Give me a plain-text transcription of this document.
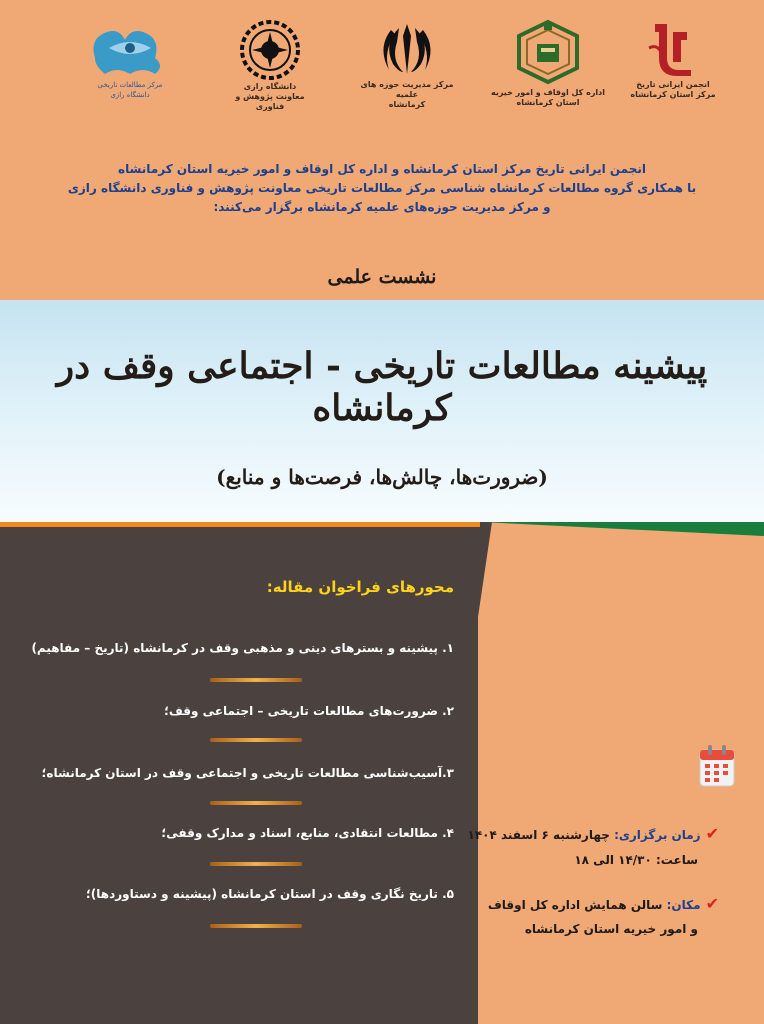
انجمن ایرانی تاریخ
مرکز استان کرمانشاه
اداره کل اوقاف و امور خیریه استان کرمانشاه
مرکز مدیریت حوزه های علمیه
کرمانشاه
دانشگاه رازی
معاونت پژوهش و فناوری
مرکز مطالعات تاریخی
دانشگاه رازی
انجمن ایرانی تاریخ مرکز استان کرمانشاه و اداره کل اوقاف و امور خیریه استان کرمانشاه
با همکاری گروه مطالعات کرمانشاه شناسی مرکز مطالعات تاریخی معاونت پژوهش و فناوری دانشگاه رازی
و مرکز مدیریت حوزه‌های علمیه کرمانشاه برگزار می‌کنند:
نشست علمی
پیشینه مطالعات تاریخی - اجتماعی وقف در کرمانشاه
(ضرورت‌ها، چالش‌ها، فرصت‌ها و منابع)
محورهای فراخوان مقاله:
۱. پیشینه و بسترهای دینی و مذهبی وقف در کرمانشاه (تاریخ – مفاهیم)
۲. ضرورت‌های مطالعات تاریخی – اجتماعی وقف؛
۳.آسیب‌شناسی مطالعات تاریخی و اجتماعی وقف در استان کرمانشاه؛
۴. مطالعات انتقادی، منابع، اسناد و مدارک وقفی؛
۵. تاریخ نگاری وقف در استان کرمانشاه (پیشینه و دستاوردها)؛
✔زمان برگزاری: چهارشنبه ۶ اسفند ۱۴۰۴
ساعت: ۱۴/۳۰ الی ۱۸
✔مکان: سالن همایش اداره کل اوقاف
و امور خیریه استان کرمانشاه
